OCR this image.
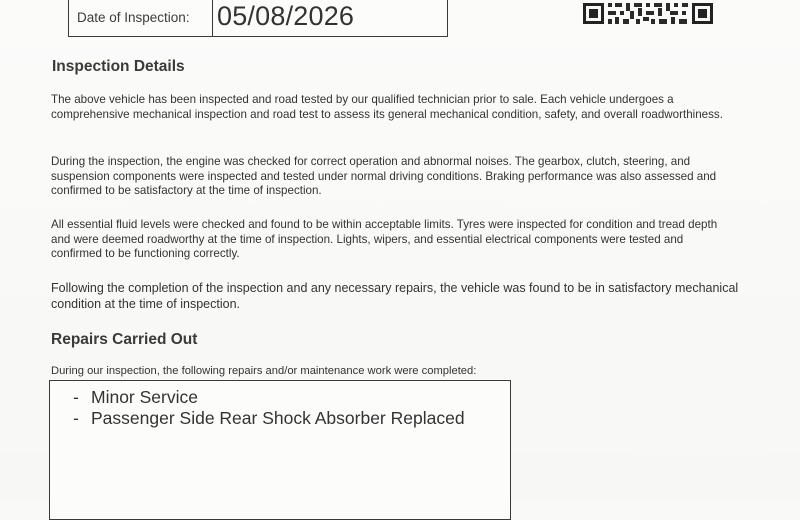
Date of Inspection:	05/08/2026
Inspection Details

The above vehicle has been inspected and road tested by our qualified technician prior to sale. Each vehicle undergoes a comprehensive mechanical inspection and road test to assess its general mechanical condition, safety, and overall roadworthiness.

During the inspection, the engine was checked for correct operation and abnormal noises. The gearbox, clutch, steering, and suspension components were inspected and tested under normal driving conditions. Braking performance was also assessed and confirmed to be satisfactory at the time of inspection.

All essential fluid levels were checked and found to be within acceptable limits. Tyres were inspected for condition and tread depth and were deemed roadworthy at the time of inspection. Lights, wipers, and essential electrical components were tested and confirmed to be functioning correctly.

Following the completion of the inspection and any necessary repairs, the vehicle was found to be in satisfactory mechanical condition at the time of inspection.

Repairs Carried Out

During our inspection, the following repairs and/or maintenance work were completed:

- Minor Service
- Passenger Side Rear Shock Absorber Replaced
